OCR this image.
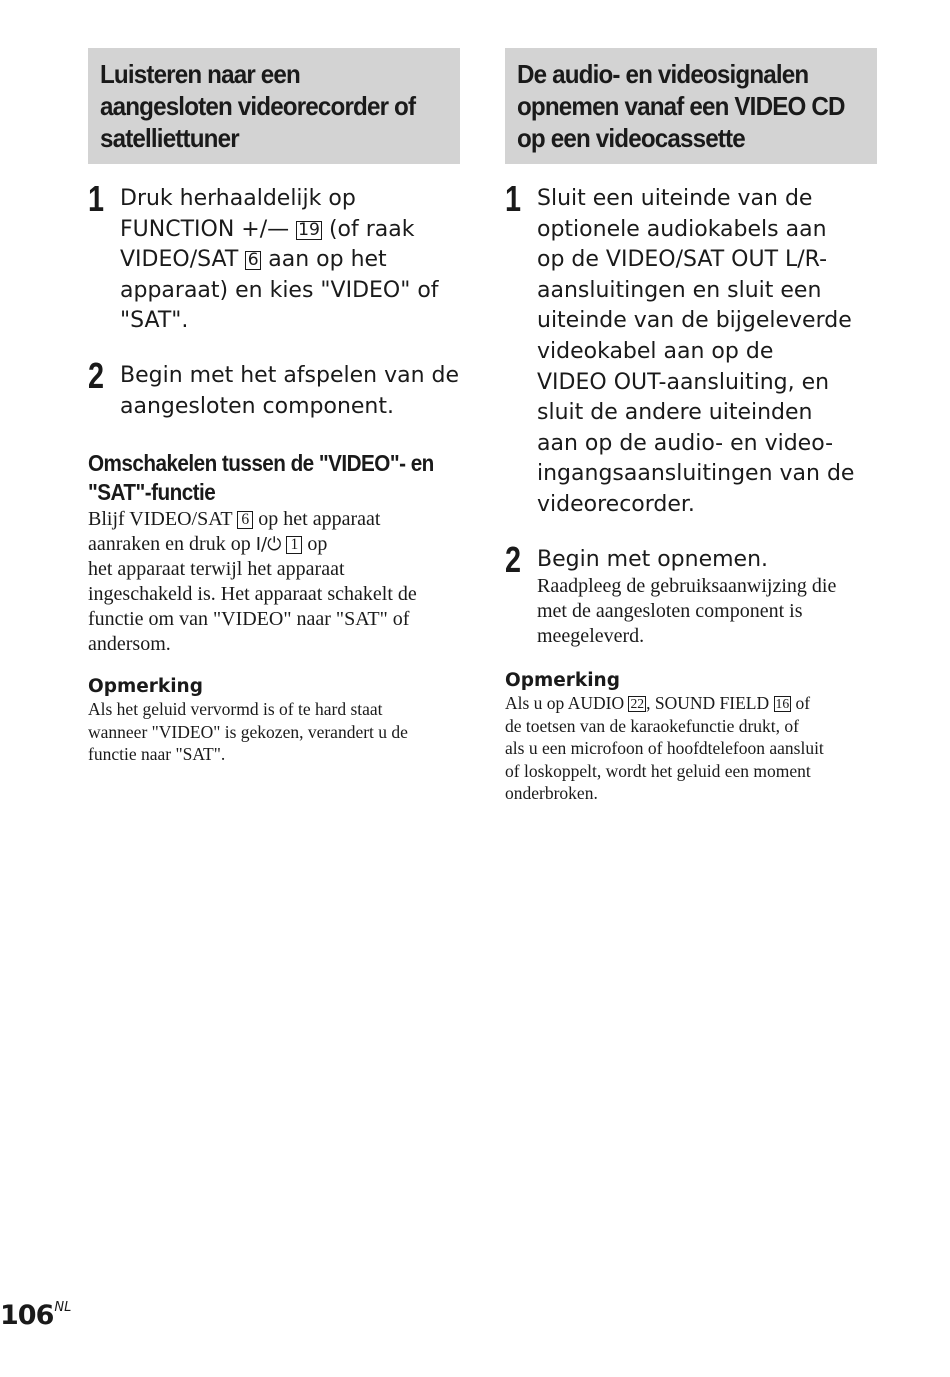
Luisteren naar een
aangesloten videorecorder of
satelliettuner
1 Druk herhaaldelijk op
FUNCTION +/— 19 (of raak
VIDEO/SAT 6 aan op het
apparaat) en kies "VIDEO" of
"SAT".
2 Begin met het afspelen van de
aangesloten component.
Omschakelen tussen de "VIDEO"- en
"SAT"-functie
Blijf VIDEO/SAT 6 op het apparaat
aanraken en druk op I/⏻ 1 op
het apparaat terwijl het apparaat
ingeschakeld is. Het apparaat schakelt de
functie om van "VIDEO" naar "SAT" of
andersom.
Opmerking
Als het geluid vervormd is of te hard staat
wanneer "VIDEO" is gekozen, verandert u de
functie naar "SAT".
De audio- en videosignalen
opnemen vanaf een VIDEO CD
op een videocassette
1 Sluit een uiteinde van de
optionele audiokabels aan
op de VIDEO/SAT OUT L/R-
aansluitingen en sluit een
uiteinde van de bijgeleverde
videokabel aan op de
VIDEO OUT-aansluiting, en
sluit de andere uiteinden
aan op de audio- en video-
ingangsaansluitingen van de
videorecorder.
2 Begin met opnemen.
Raadpleeg de gebruiksaanwijzing die
met de aangesloten component is
meegeleverd.
Opmerking
Als u op AUDIO 22 , SOUND FIELD 16 of
de toetsen van de karaokefunctie drukt, of
als u een microfoon of hoofdtelefoon aansluit
of loskoppelt, wordt het geluid een moment
onderbroken.
$106^{NL}$
